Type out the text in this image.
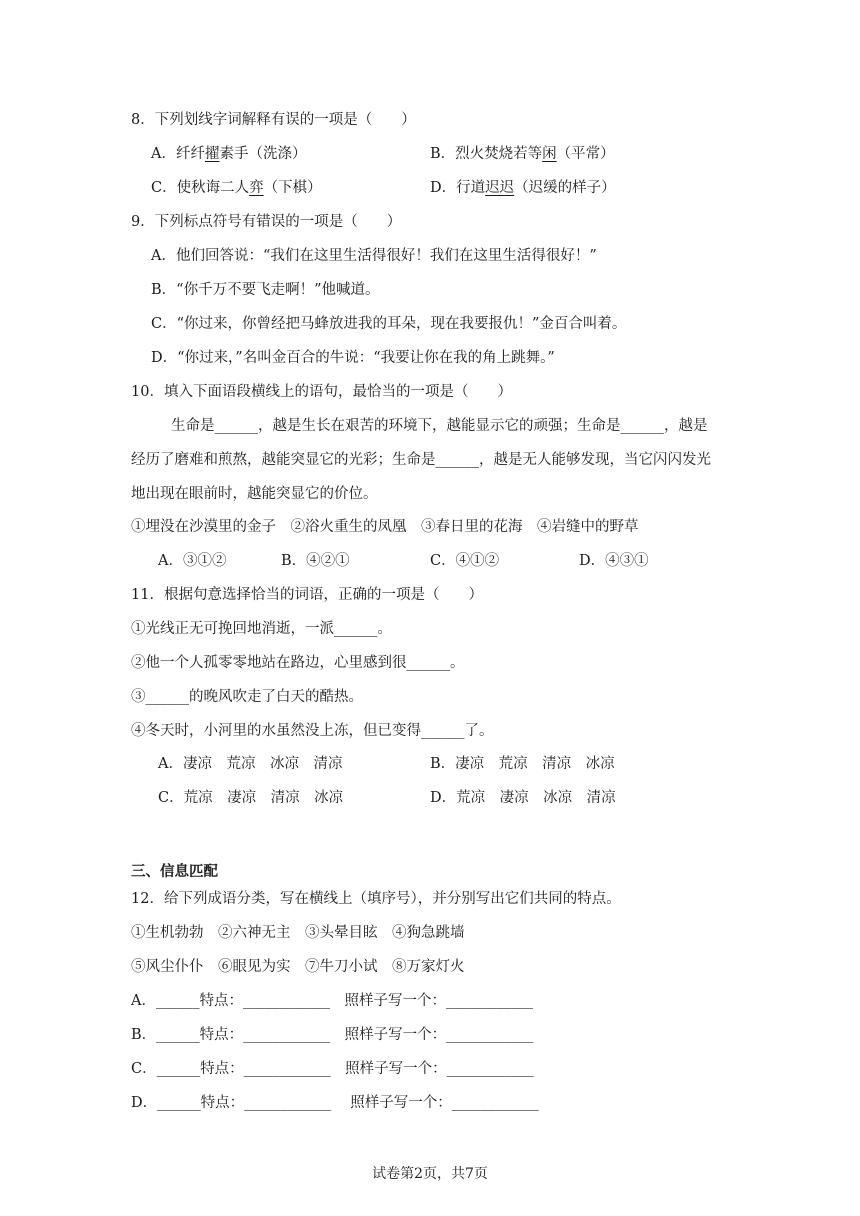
8．下列划线字词解释有误的一项是（　　）
A．纤纤擢素手（洗涤）	B．烈火焚烧若等闲（平常）
C．使秋诲二人弈（下棋）	D．行道迟迟（迟缓的样子）
9．下列标点符号有错误的一项是（　　）
A．他们回答说：“我们在这里生活得很好！我们在这里生活得很好！”
B．“你千万不要飞走啊！”他喊道。
C．“你过来，你曾经把马蜂放进我的耳朵，现在我要报仇！”金百合叫着。
D．“你过来，”名叫金百合的牛说：“我要让你在我的角上跳舞。”
10．填入下面语段横线上的语句，最恰当的一项是（　　）
生命是______，越是生长在艰苦的环境下，越能显示它的顽强；生命是______，越是
经历了磨难和煎熬，越能突显它的光彩；生命是______，越是无人能够发现，当它闪闪发光
地出现在眼前时，越能突显它的价位。
①埋没在沙漠里的金子　②浴火重生的凤凰　③春日里的花海　④岩缝中的野草
A．③①②	B．④②①	C．④①②	D．④③①
11．根据句意选择恰当的词语，正确的一项是（　　）
①光线正无可挽回地消逝，一派______。
②他一个人孤零零地站在路边，心里感到很______。
③______的晚风吹走了白天的酷热。
④冬天时，小河里的水虽然没上冻，但已变得______了。
A．凄凉　荒凉　冰凉　清凉	B．凄凉　荒凉　清凉　冰凉
C．荒凉　凄凉　清凉　冰凉	D．荒凉　凄凉　冰凉　清凉
三、信息匹配
12．给下列成语分类，写在横线上（填序号），并分别写出它们共同的特点。
①生机勃勃　②六神无主　③头晕目眩　④狗急跳墙
⑤风尘仆仆　⑥眼见为实　⑦牛刀小试　⑧万家灯火
A．______特点：____________　照样子写一个：____________
B．______特点：____________　照样子写一个：____________
C．______特点：____________　照样子写一个：____________
D．______特点：____________　 照样子写一个：____________
试卷第2页，共7页
